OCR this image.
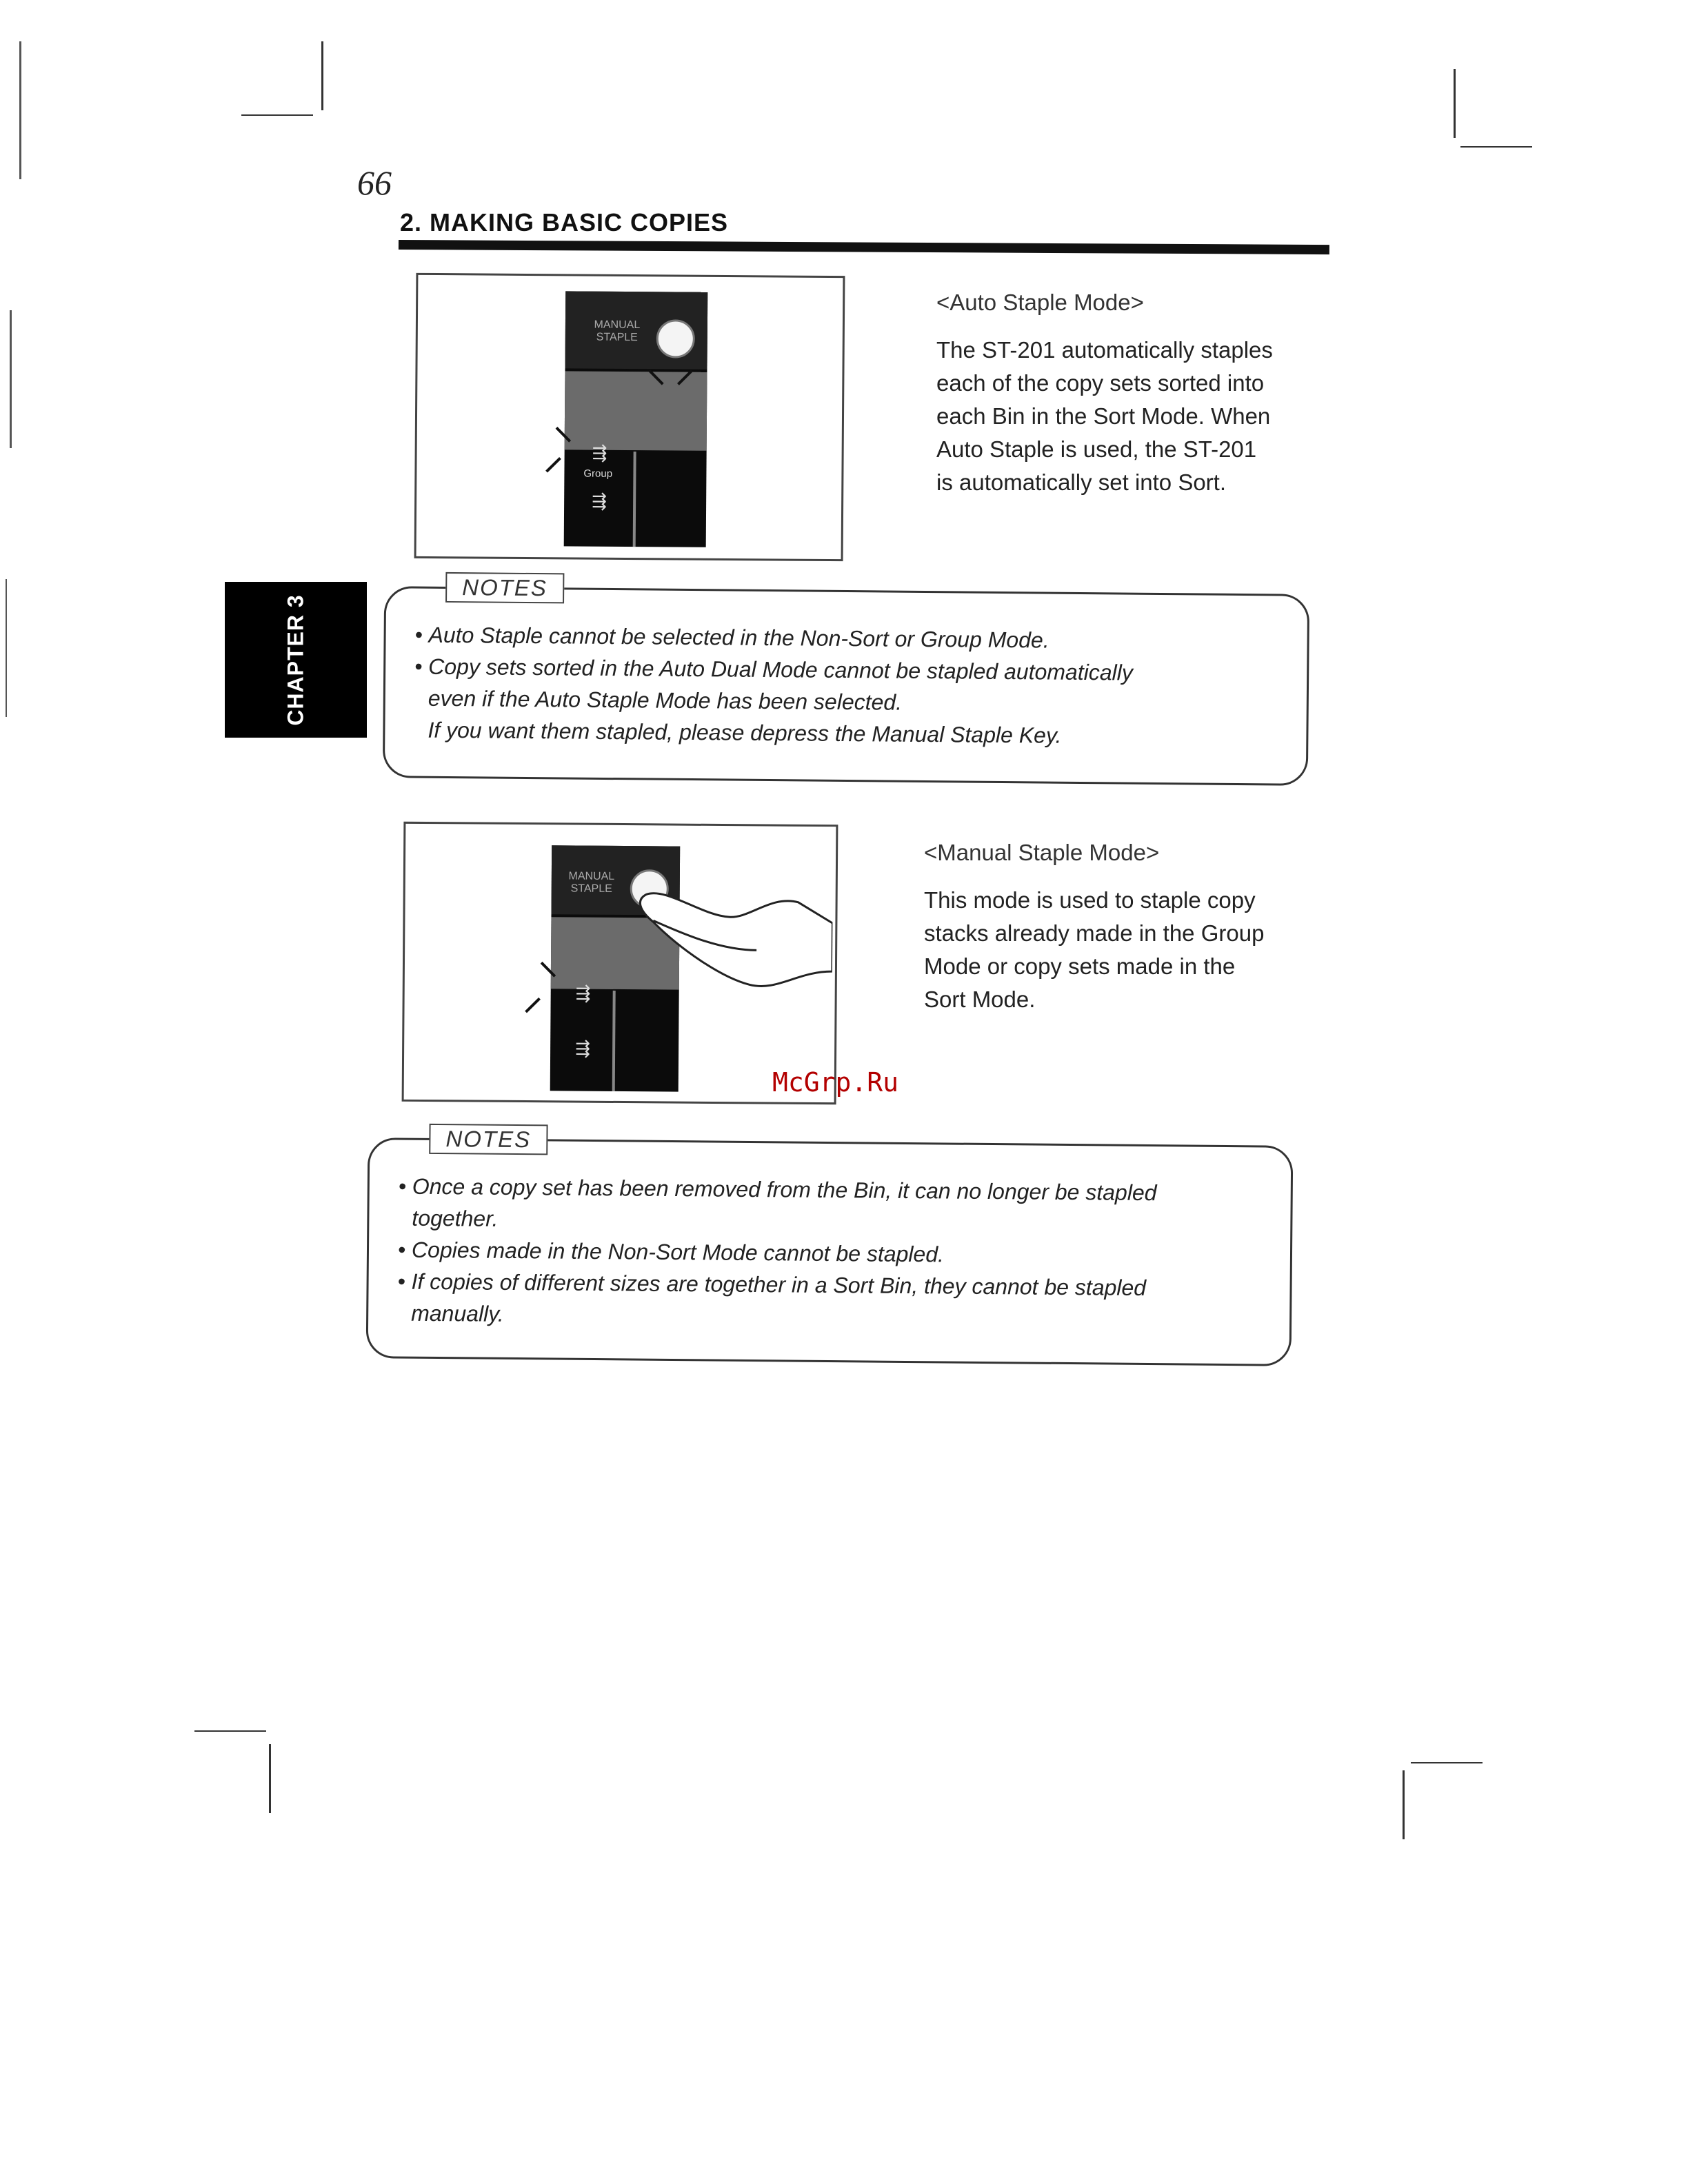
66
2. MAKING BASIC COPIES
CHAPTER 3
MANUAL STAPLE
Group
⇶
⇶
<Auto Staple Mode>
The ST-201 automatically staples
each of the copy sets sorted into
each Bin in the Sort Mode. When
Auto Staple is used, the ST-201
is automatically set into Sort.
NOTES
• Auto Staple cannot be selected in the Non-Sort or Group Mode.
• Copy sets sorted in the Auto Dual Mode cannot be stapled automatically
even if the Auto Staple Mode has been selected.
If you want them stapled, please depress the Manual Staple Key.
MANUAL STAPLE
⇶
⇶
<Manual Staple Mode>
This mode is used to staple copy
stacks already made in the Group
Mode or copy sets made in the
Sort Mode.
McGrp.Ru
NOTES
• Once a copy set has been removed from the Bin, it can no longer be stapled
together.
• Copies made in the Non-Sort Mode cannot be stapled.
• If copies of different sizes are together in a Sort Bin, they cannot be stapled
manually.
